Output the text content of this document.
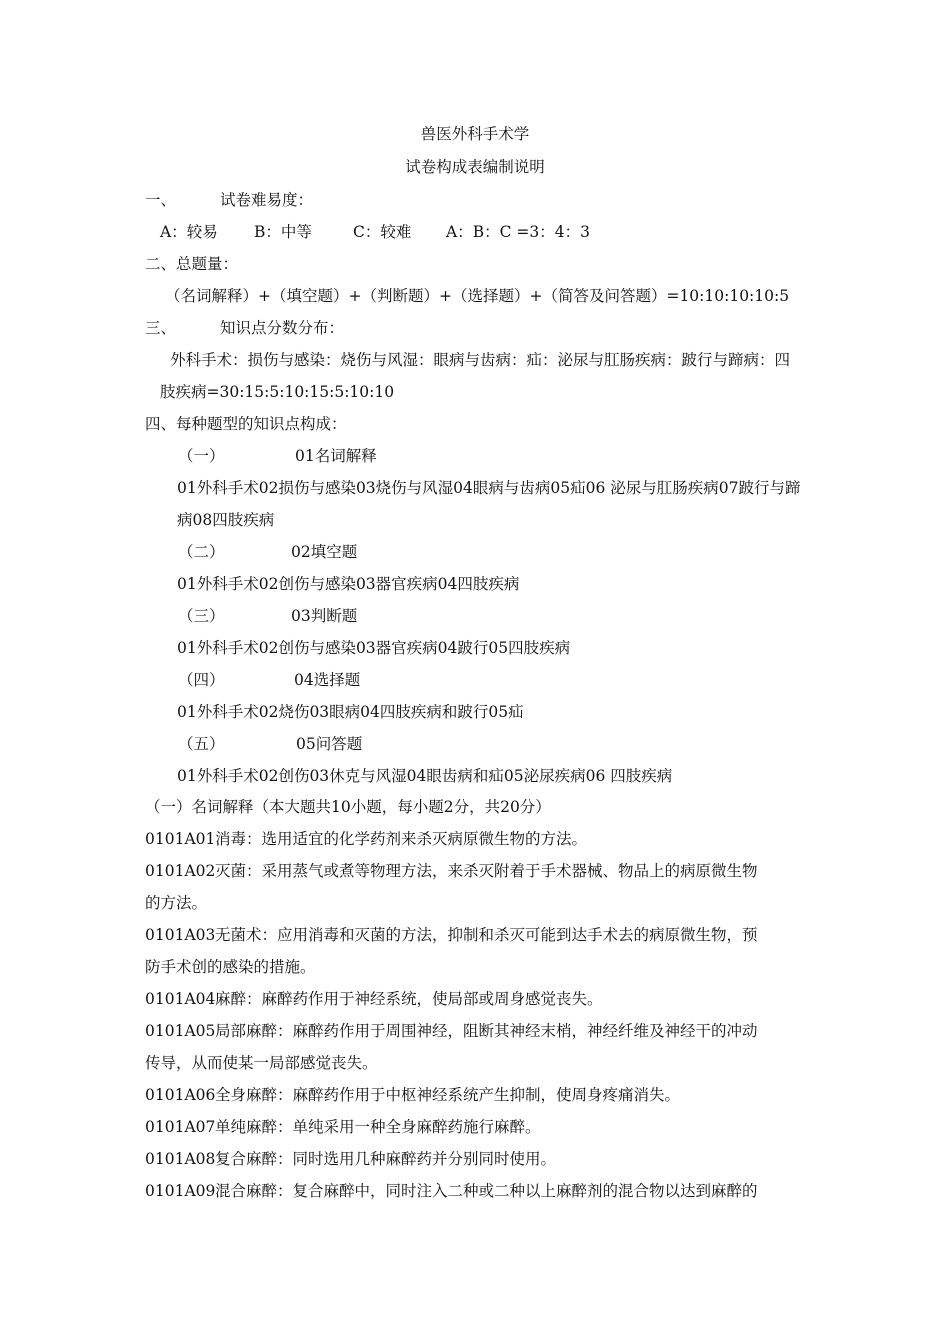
兽医外科手术学
试卷构成表编制说明
一、	试卷难易度：
A：较易 B：中等	C：较难 A：B：C =3：4：3
二、总题量：
（名词解释）+（填空题）+（判断题）+（选择题）+（简答及问答题）=10:10:10:10:5
三、	知识点分数分布：
外科手术：损伤与感染：烧伤与风湿：眼病与齿病：疝：泌尿与肛肠疾病：跛行与蹄病：四
肢疾病=30:15:5:10:15:5:10:10
四、每种题型的知识点构成：
（一）	01名词解释
01外科手术02损伤与感染03烧伤与风湿04眼病与齿病05疝06 泌尿与肛肠疾病07跛行与蹄
病08四肢疾病
（二）	02填空题
01外科手术02创伤与感染03器官疾病04四肢疾病
（三）	03判断题
01外科手术02创伤与感染03器官疾病04跛行05四肢疾病
（四）	04选择题
01外科手术02烧伤03眼病04四肢疾病和跛行05疝
（五）	05问答题
01外科手术02创伤03休克与风湿04眼齿病和疝05泌尿疾病06 四肢疾病
（一）名词解释（本大题共10小题，每小题2分，共20分）
0101A01 消毒：选用适宜的化学药剂来杀灭病原微生物的方法。
0101A02 灭菌：采用蒸气或煮等物理方法，来杀灭附着于手术器械、物品上的病原微生物
的方法。
0101A03 无菌术：应用消毒和灭菌的方法，抑制和杀灭可能到达手术去的病原微生物，预
防手术创的感染的措施。
0101A04 麻醉：麻醉药作用于神经系统，使局部或周身感觉丧失。
0101A05 局部麻醉：麻醉药作用于周围神经，阻断其神经末梢，神经纤维及神经干的冲动
传导，从而使某一局部感觉丧失。
0101A06 全身麻醉：麻醉药作用于中枢神经系统产生抑制，使周身疼痛消失。
0101A07 单纯麻醉：单纯采用一种全身麻醉药施行麻醉。
0101A08 复合麻醉：同时选用几种麻醉药并分别同时使用。
0101A09 混合麻醉：复合麻醉中，同时注入二种或二种以上麻醉剂的混合物以达到麻醉的
